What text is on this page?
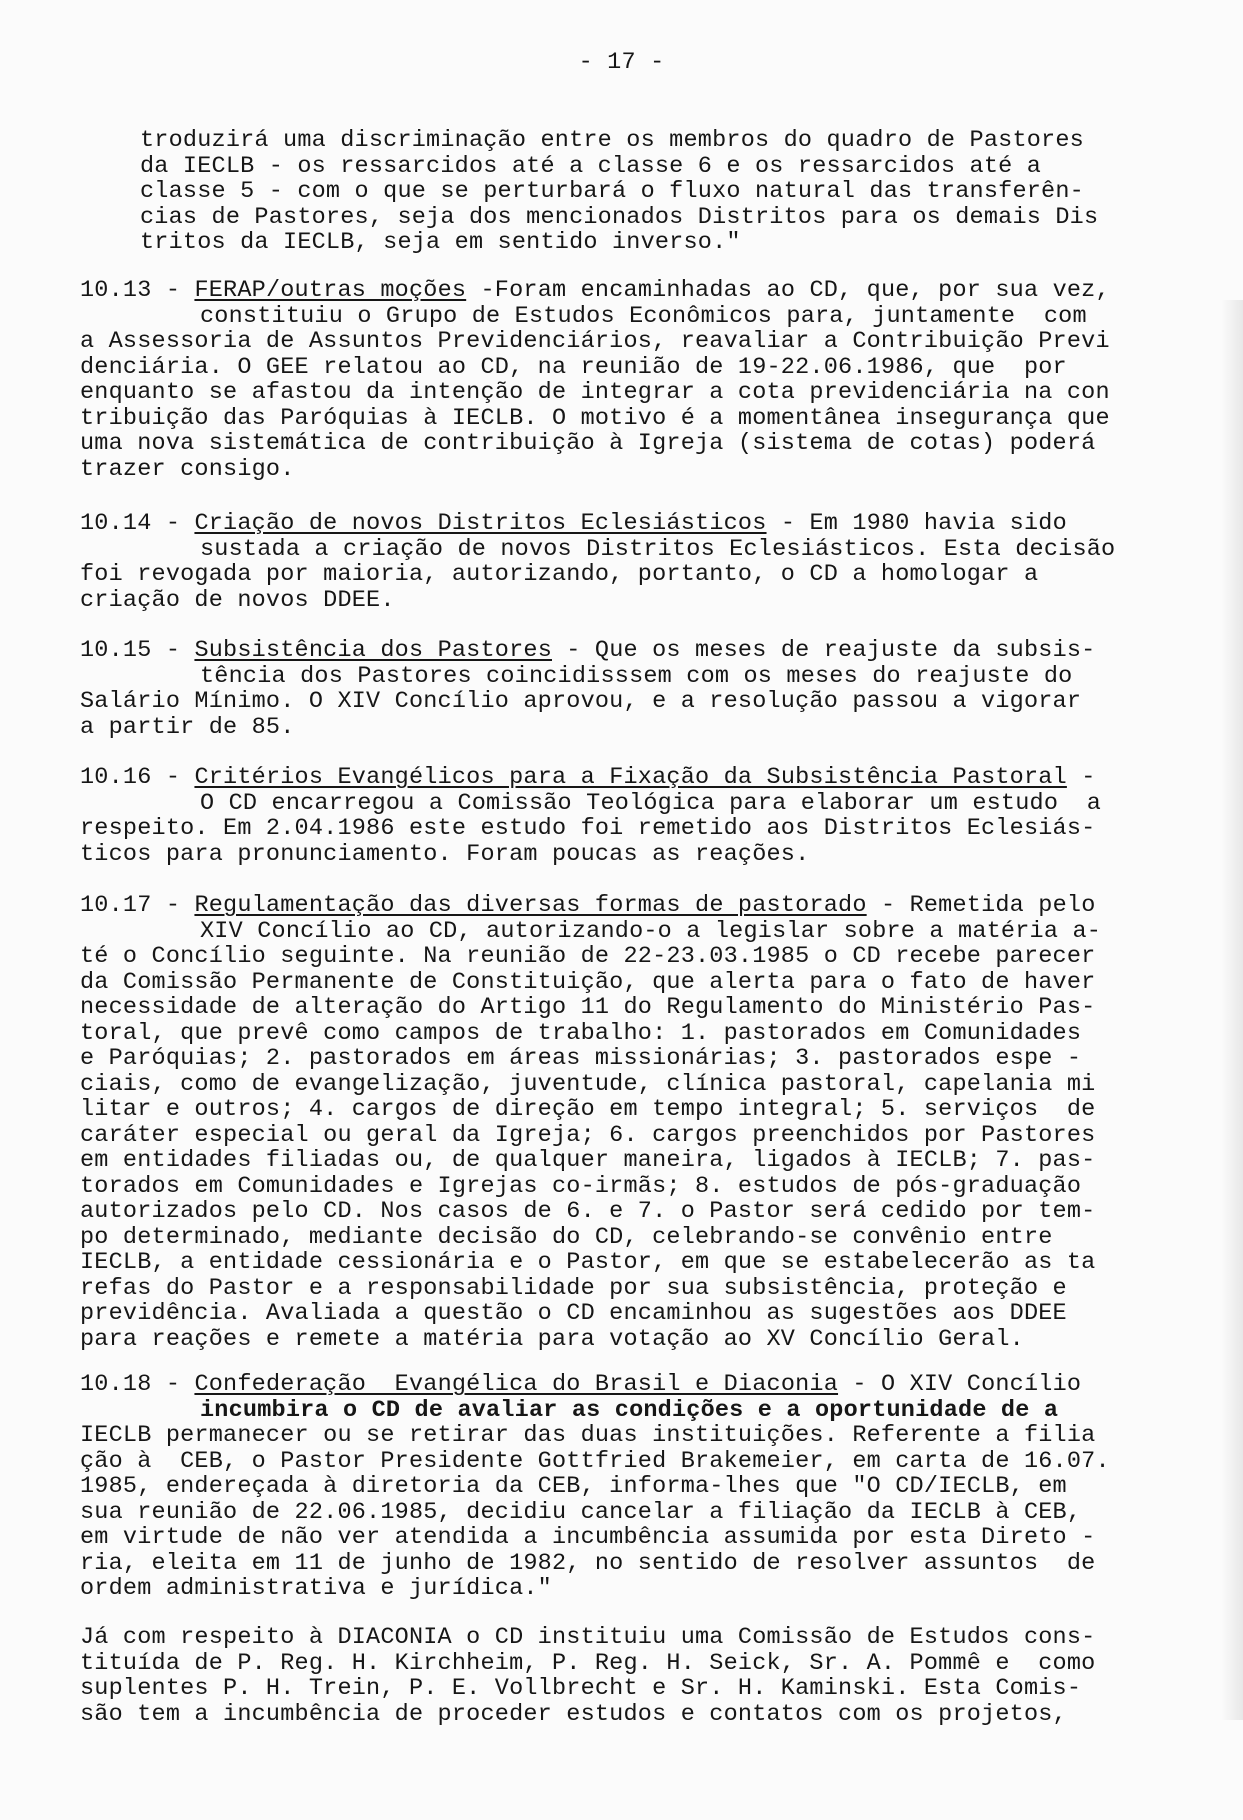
- 17 -
troduzirá uma discriminação entre os membros do quadro de Pastores
da IECLB - os ressarcidos até a classe 6 e os ressarcidos até a
classe 5 - com o que se perturbará o fluxo natural das transferên-
cias de Pastores, seja dos mencionados Distritos para os demais Dis
tritos da IECLB, seja em sentido inverso."
10.13 - FERAP/outras moções -Foram encaminhadas ao CD, que, por sua vez,
constituiu o Grupo de Estudos Econômicos para, juntamente  com
a Assessoria de Assuntos Previdenciários, reavaliar a Contribuição Previ
denciária. O GEE relatou ao CD, na reunião de 19-22.06.1986, que  por
enquanto se afastou da intenção de integrar a cota previdenciária na con
tribuição das Paróquias à IECLB. O motivo é a momentânea insegurança que
uma nova sistemática de contribuição à Igreja (sistema de cotas) poderá
trazer consigo.
10.14 - Criação de novos Distritos Eclesiásticos - Em 1980 havia sido
sustada a criação de novos Distritos Eclesiásticos. Esta decisão
foi revogada por maioria, autorizando, portanto, o CD a homologar a
criação de novos DDEE.
10.15 - Subsistência dos Pastores - Que os meses de reajuste da subsis-
tência dos Pastores coincidisssem com os meses do reajuste do
Salário Mínimo. O XIV Concílio aprovou, e a resolução passou a vigorar
a partir de 85.
10.16 - Critérios Evangélicos para a Fixação da Subsistência Pastoral -
O CD encarregou a Comissão Teológica para elaborar um estudo  a
respeito. Em 2.04.1986 este estudo foi remetido aos Distritos Eclesiás-
ticos para pronunciamento. Foram poucas as reações.
10.17 - Regulamentação das diversas formas de pastorado - Remetida pelo
XIV Concílio ao CD, autorizando-o a legislar sobre a matéria a-
té o Concílio seguinte. Na reunião de 22-23.03.1985 o CD recebe parecer
da Comissão Permanente de Constituição, que alerta para o fato de haver
necessidade de alteração do Artigo 11 do Regulamento do Ministério Pas-
toral, que prevê como campos de trabalho: 1. pastorados em Comunidades
e Paróquias; 2. pastorados em áreas missionárias; 3. pastorados espe -
ciais, como de evangelização, juventude, clínica pastoral, capelania mi
litar e outros; 4. cargos de direção em tempo integral; 5. serviços  de
caráter especial ou geral da Igreja; 6. cargos preenchidos por Pastores
em entidades filiadas ou, de qualquer maneira, ligados à IECLB; 7. pas-
torados em Comunidades e Igrejas co-irmãs; 8. estudos de pós-graduação
autorizados pelo CD. Nos casos de 6. e 7. o Pastor será cedido por tem-
po determinado, mediante decisão do CD, celebrando-se convênio entre
IECLB, a entidade cessionária e o Pastor, em que se estabelecerão as ta
refas do Pastor e a responsabilidade por sua subsistência, proteção e
previdência. Avaliada a questão o CD encaminhou as sugestões aos DDEE
para reações e remete a matéria para votação ao XV Concílio Geral.
10.18 - Confederação  Evangélica do Brasil e Diaconia - O XIV Concílio
incumbira o CD de avaliar as condições e a oportunidade de a
IECLB permanecer ou se retirar das duas instituições. Referente a filia
ção à  CEB, o Pastor Presidente Gottfried Brakemeier, em carta de 16.07.
1985, endereçada à diretoria da CEB, informa-lhes que "O CD/IECLB, em
sua reunião de 22.06.1985, decidiu cancelar a filiação da IECLB à CEB,
em virtude de não ver atendida a incumbência assumida por esta Direto -
ria, eleita em 11 de junho de 1982, no sentido de resolver assuntos  de
ordem administrativa e jurídica."
Já com respeito à DIACONIA o CD instituiu uma Comissão de Estudos cons-
tituída de P. Reg. H. Kirchheim, P. Reg. H. Seick, Sr. A. Pommê e  como
suplentes P. H. Trein, P. E. Vollbrecht e Sr. H. Kaminski. Esta Comis-
são tem a incumbência de proceder estudos e contatos com os projetos,
